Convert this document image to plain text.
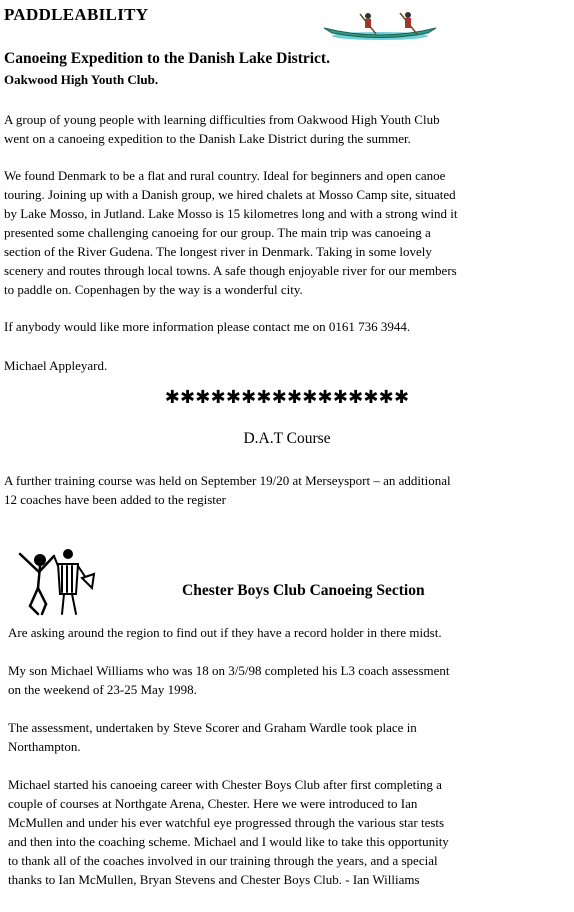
PADDLEABILITY
Canoeing Expedition to the Danish Lake District.
Oakwood High Youth Club.
A group of young people with learning difficulties from Oakwood High Youth Club
went on a canoeing expedition to the Danish Lake District during the summer.
We found Denmark to be a flat and rural country. Ideal for beginners and open canoe
touring. Joining up with a Danish group, we hired chalets at Mosso Camp site, situated
by Lake Mosso, in Jutland. Lake Mosso is 15 kilometres long and with a strong wind it
presented some challenging canoeing for our group. The main trip was canoeing a
section of the River Gudena. The longest river in Denmark. Taking in some lovely
scenery and routes through local towns. A safe though enjoyable river for our members
to paddle on. Copenhagen by the way is a wonderful city.
If anybody would like more information please contact me on 0161 736 3944.
Michael Appleyard.
✱✱✱✱✱✱✱✱✱✱✱✱✱✱✱✱
D.A.T Course
A further training course was held on September 19/20 at Merseysport – an additional
12 coaches have been added to the register
Chester Boys Club Canoeing Section
Are asking around the region to find out if they have a record holder in there midst.
My son Michael Williams who was 18 on 3/5/98 completed his L3 coach assessment
on the weekend of 23-25 May 1998.
The assessment, undertaken by Steve Scorer and Graham Wardle took place in
Northampton.
Michael started his canoeing career with Chester Boys Club after first completing a
couple of courses at Northgate Arena, Chester. Here we were introduced to Ian
McMullen and under his ever watchful eye progressed through the various star tests
and then into the coaching scheme. Michael and I would like to take this opportunity
to thank all of the coaches involved in our training through the years, and a special
thanks to Ian McMullen, Bryan Stevens and Chester Boys Club. - Ian Williams
